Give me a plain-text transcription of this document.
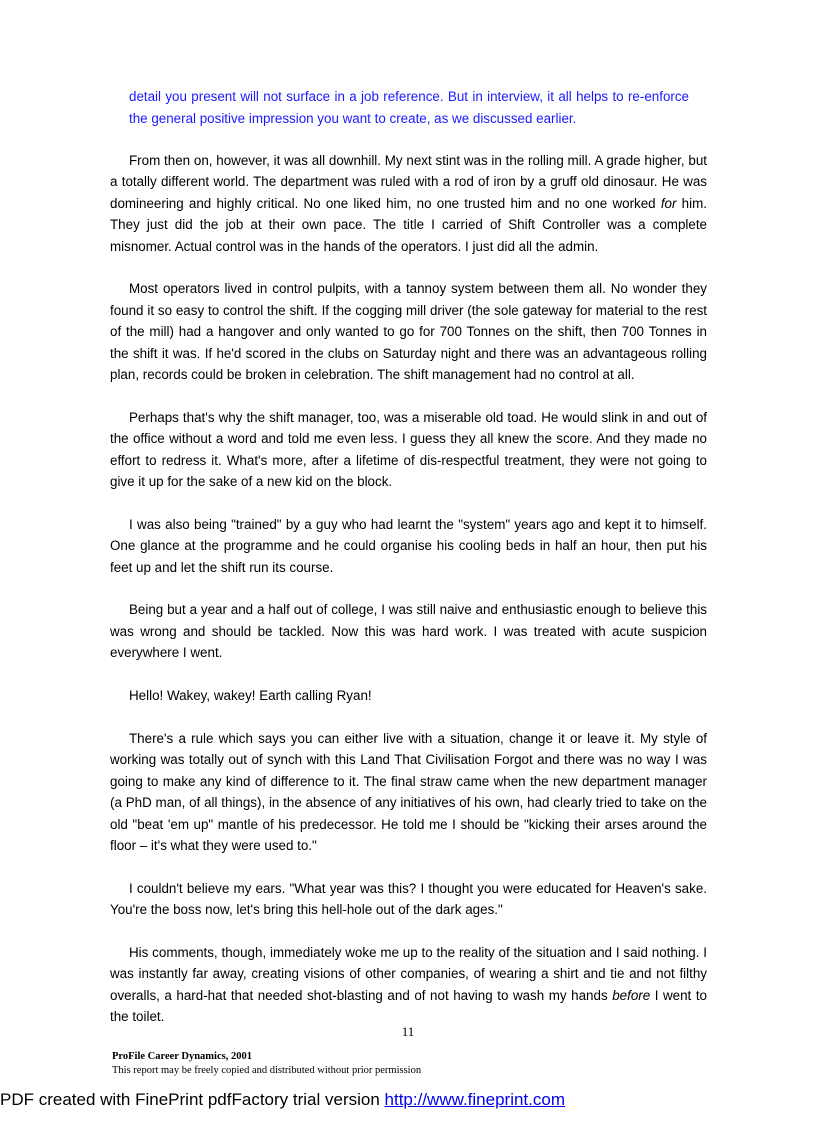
detail you present will not surface in a job reference. But in interview, it all helps to re-enforce the general positive impression you want to create, as we discussed earlier.

From then on, however, it was all downhill. My next stint was in the rolling mill. A grade higher, but a totally different world. The department was ruled with a rod of iron by a gruff old dinosaur. He was domineering and highly critical. No one liked him, no one trusted him and no one worked for him. They just did the job at their own pace. The title I carried of Shift Controller was a complete misnomer. Actual control was in the hands of the operators. I just did all the admin.

Most operators lived in control pulpits, with a tannoy system between them all. No wonder they found it so easy to control the shift. If the cogging mill driver (the sole gateway for material to the rest of the mill) had a hangover and only wanted to go for 700 Tonnes on the shift, then 700 Tonnes in the shift it was. If he'd scored in the clubs on Saturday night and there was an advantageous rolling plan, records could be broken in celebration. The shift management had no control at all.

Perhaps that's why the shift manager, too, was a miserable old toad. He would slink in and out of the office without a word and told me even less. I guess they all knew the score. And they made no effort to redress it. What's more, after a lifetime of dis-respectful treatment, they were not going to give it up for the sake of a new kid on the block.

I was also being "trained" by a guy who had learnt the "system" years ago and kept it to himself. One glance at the programme and he could organise his cooling beds in half an hour, then put his feet up and let the shift run its course.

Being but a year and a half out of college, I was still naive and enthusiastic enough to believe this was wrong and should be tackled. Now this was hard work. I was treated with acute suspicion everywhere I went.

Hello! Wakey, wakey! Earth calling Ryan!

There's a rule which says you can either live with a situation, change it or leave it. My style of working was totally out of synch with this Land That Civilisation Forgot and there was no way I was going to make any kind of difference to it. The final straw came when the new department manager (a PhD man, of all things), in the absence of any initiatives of his own, had clearly tried to take on the old "beat 'em up" mantle of his predecessor. He told me I should be "kicking their arses around the floor – it's what they were used to."

I couldn't believe my ears. "What year was this? I thought you were educated for Heaven's sake. You're the boss now, let's bring this hell-hole out of the dark ages."

His comments, though, immediately woke me up to the reality of the situation and I said nothing. I was instantly far away, creating visions of other companies, of wearing a shirt and tie and not filthy overalls, a hard-hat that needed shot-blasting and of not having to wash my hands before I went to the toilet.

11
ProFile Career Dynamics, 2001
This report may be freely copied and distributed without prior permission
PDF created with FinePrint pdfFactory trial version http://www.fineprint.com
